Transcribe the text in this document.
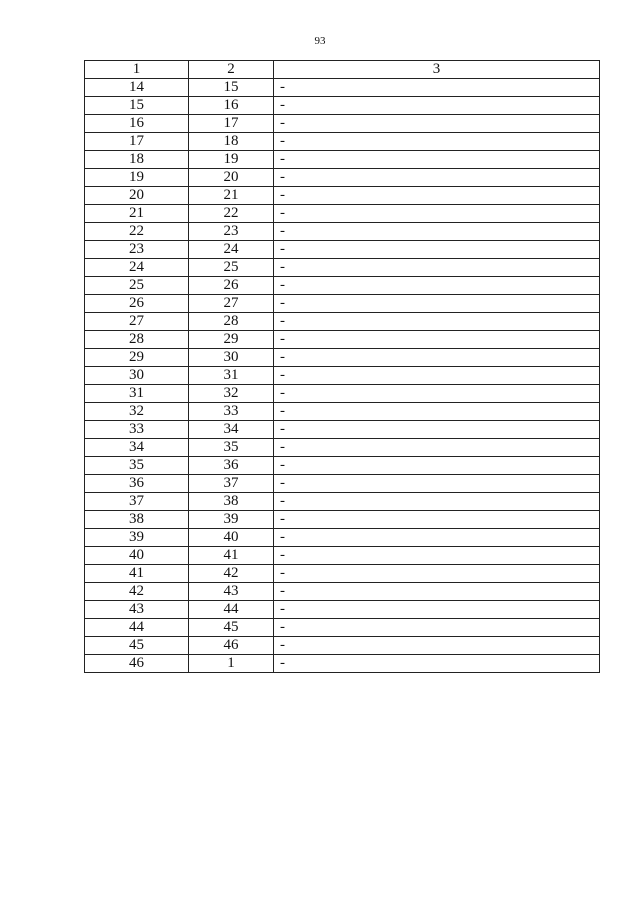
93
1	2	3
14	15	-
15	16	-
16	17	-
17	18	-
18	19	-
19	20	-
20	21	-
21	22	-
22	23	-
23	24	-
24	25	-
25	26	-
26	27	-
27	28	-
28	29	-
29	30	-
30	31	-
31	32	-
32	33	-
33	34	-
34	35	-
35	36	-
36	37	-
37	38	-
38	39	-
39	40	-
40	41	-
41	42	-
42	43	-
43	44	-
44	45	-
45	46	-
46	1	-
